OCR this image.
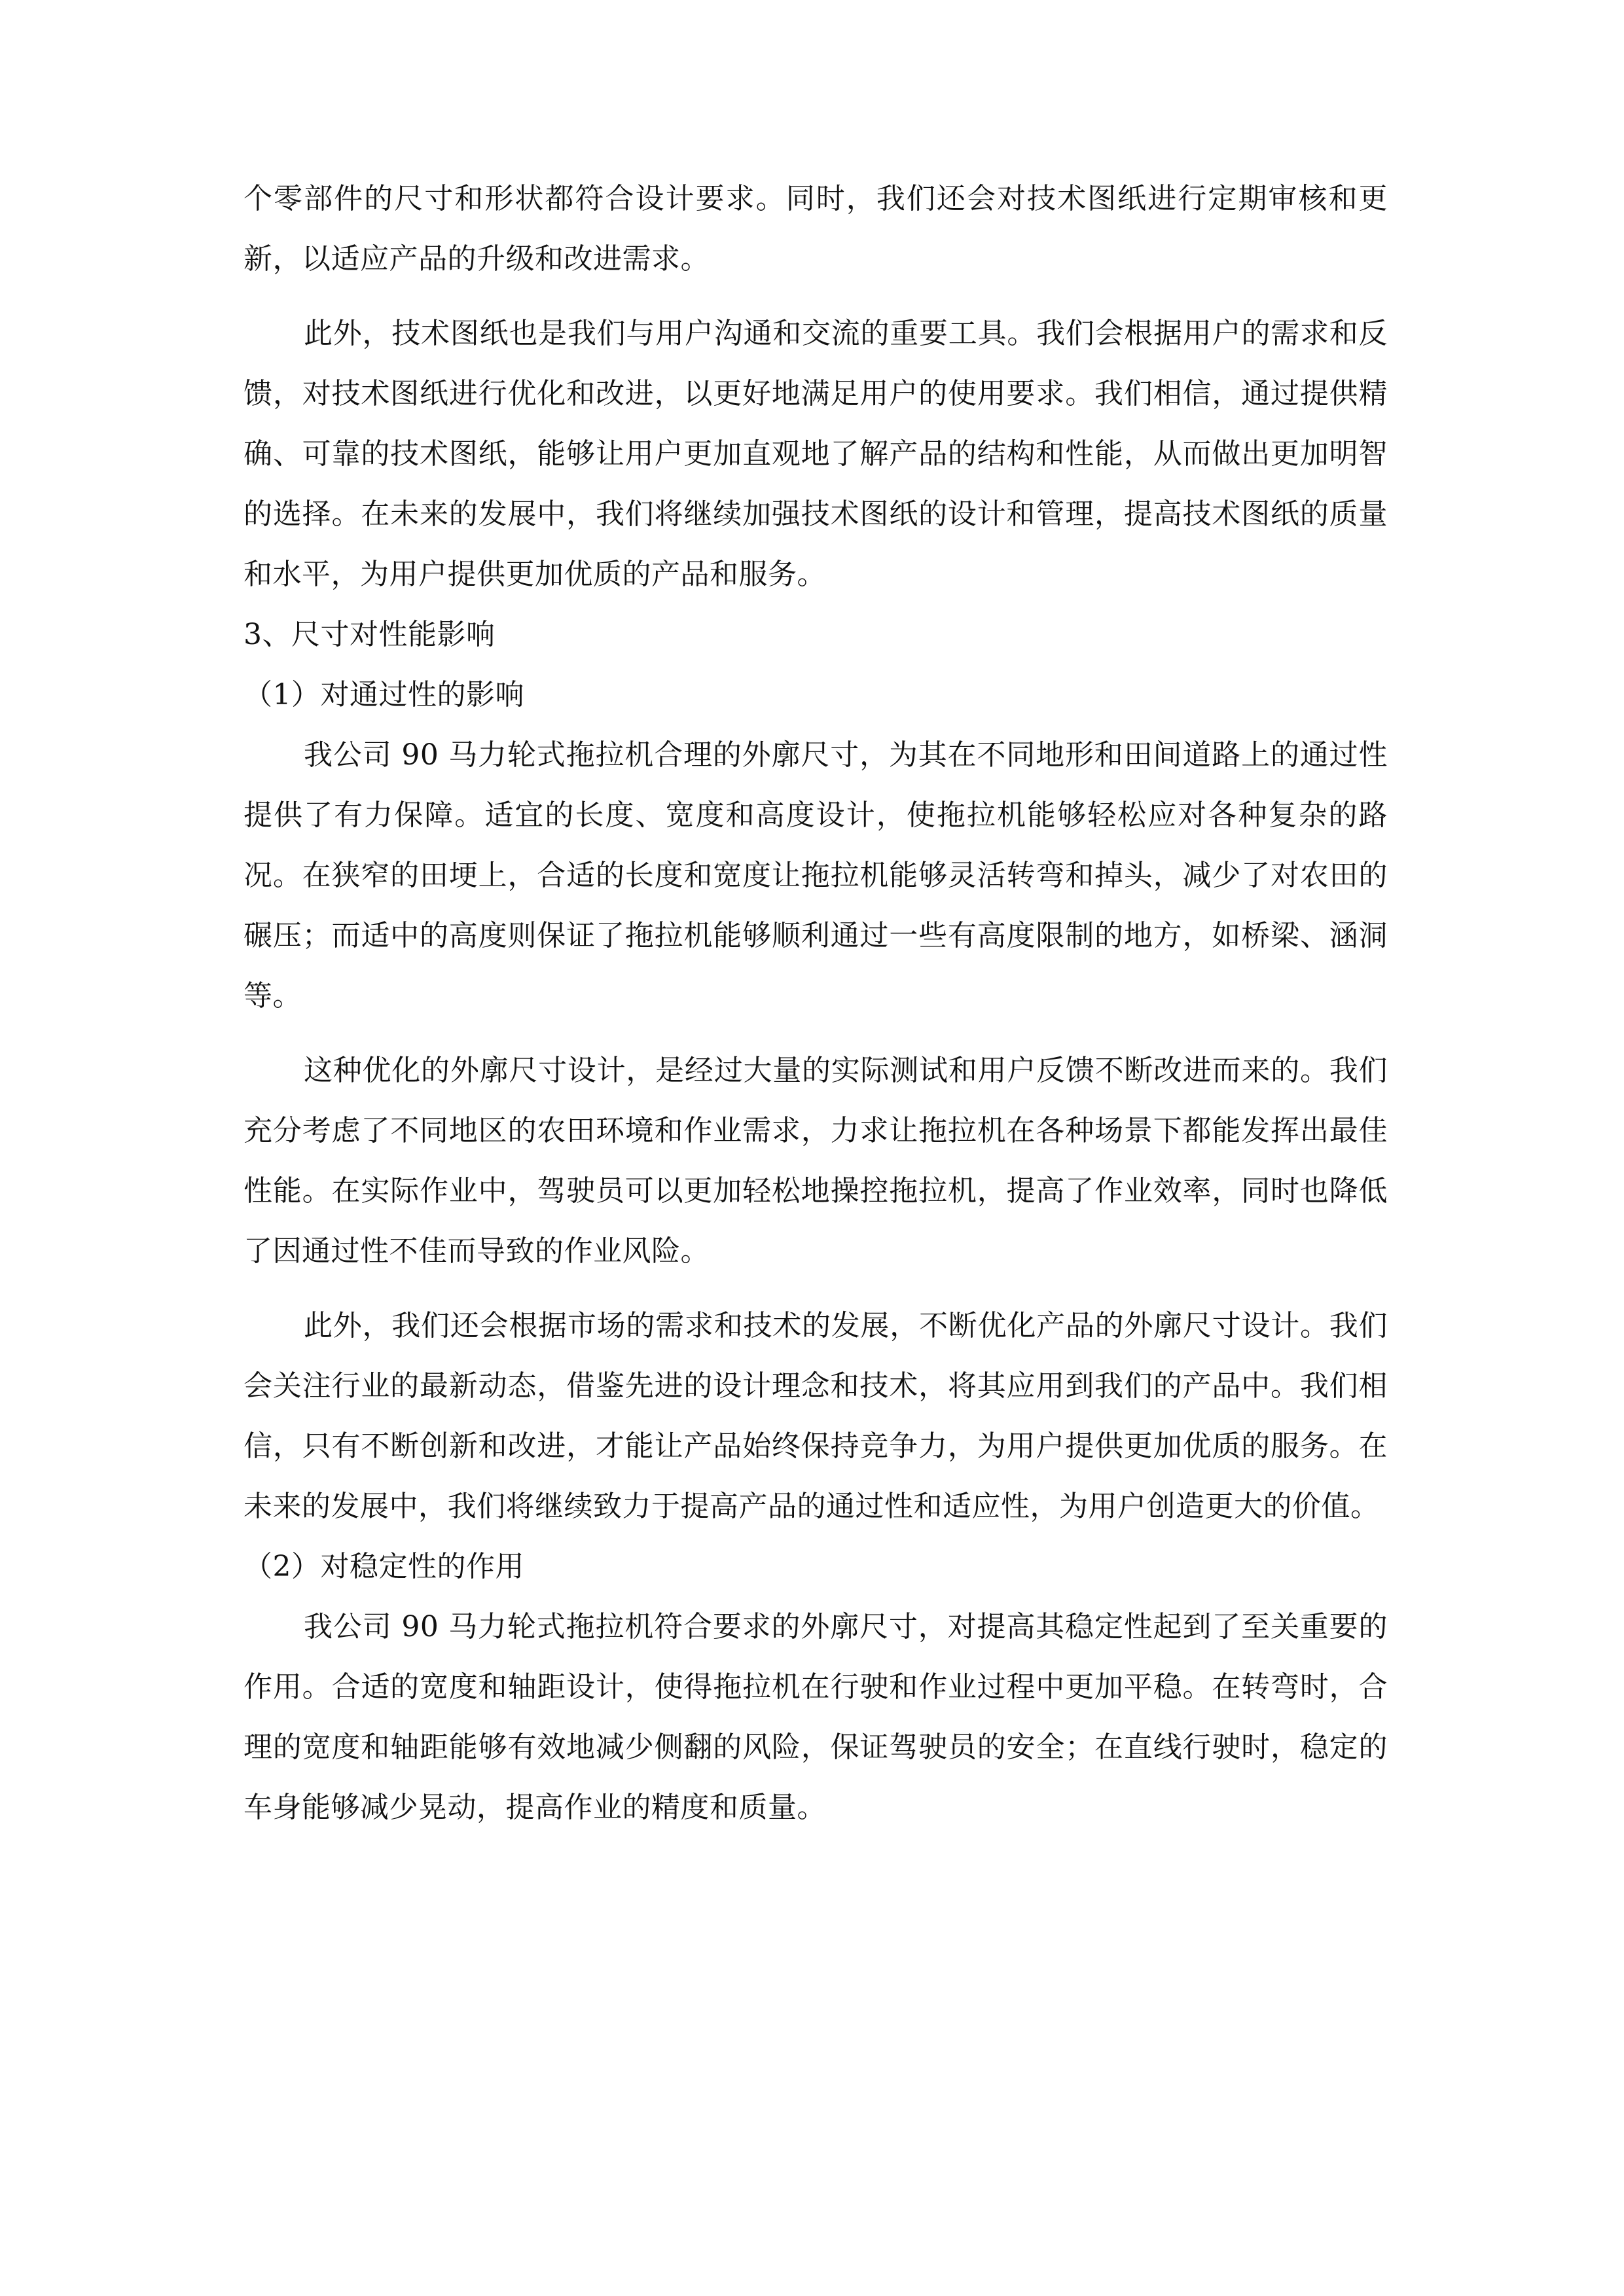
个零部件的尺寸和形状都符合设计要求。同时，我们还会对技术图纸进行定期审核和更新，以适应产品的升级和改进需求。

此外，技术图纸也是我们与用户沟通和交流的重要工具。我们会根据用户的需求和反馈，对技术图纸进行优化和改进，以更好地满足用户的使用要求。我们相信，通过提供精确、可靠的技术图纸，能够让用户更加直观地了解产品的结构和性能，从而做出更加明智的选择。在未来的发展中，我们将继续加强技术图纸的设计和管理，提高技术图纸的质量和水平，为用户提供更加优质的产品和服务。

3、尺寸对性能影响

（1）对通过性的影响

我公司 90 马力轮式拖拉机合理的外廓尺寸，为其在不同地形和田间道路上的通过性提供了有力保障。适宜的长度、宽度和高度设计，使拖拉机能够轻松应对各种复杂的路况。在狭窄的田埂上，合适的长度和宽度让拖拉机能够灵活转弯和掉头，减少了对农田的碾压；而适中的高度则保证了拖拉机能够顺利通过一些有高度限制的地方，如桥梁、涵洞等。

这种优化的外廓尺寸设计，是经过大量的实际测试和用户反馈不断改进而来的。我们充分考虑了不同地区的农田环境和作业需求，力求让拖拉机在各种场景下都能发挥出最佳性能。在实际作业中，驾驶员可以更加轻松地操控拖拉机，提高了作业效率，同时也降低了因通过性不佳而导致的作业风险。

此外，我们还会根据市场的需求和技术的发展，不断优化产品的外廓尺寸设计。我们会关注行业的最新动态，借鉴先进的设计理念和技术，将其应用到我们的产品中。我们相信，只有不断创新和改进，才能让产品始终保持竞争力，为用户提供更加优质的服务。在未来的发展中，我们将继续致力于提高产品的通过性和适应性，为用户创造更大的价值。

（2）对稳定性的作用

我公司 90 马力轮式拖拉机符合要求的外廓尺寸，对提高其稳定性起到了至关重要的作用。合适的宽度和轴距设计，使得拖拉机在行驶和作业过程中更加平稳。在转弯时，合理的宽度和轴距能够有效地减少侧翻的风险，保证驾驶员的安全；在直线行驶时，稳定的车身能够减少晃动，提高作业的精度和质量。
